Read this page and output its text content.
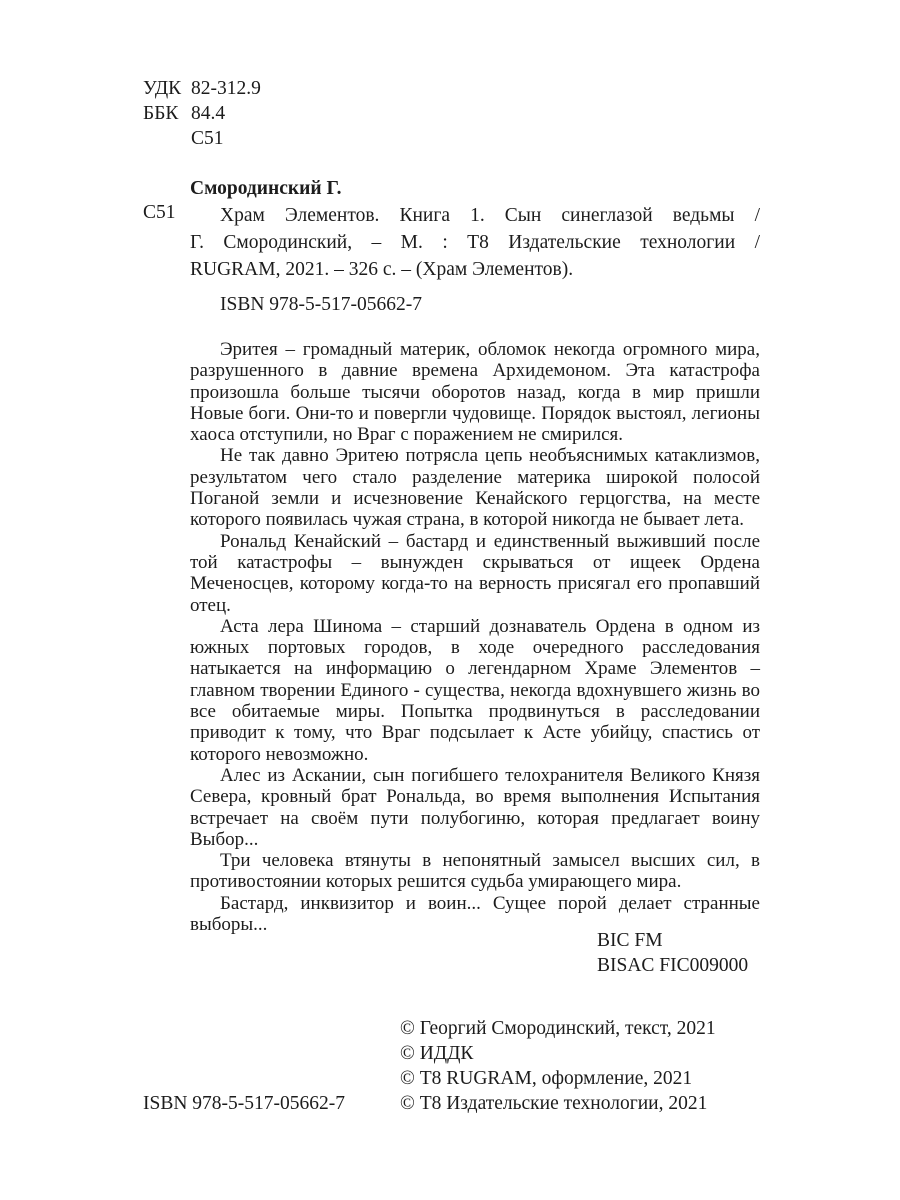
УДК 82-312.9
ББК 84.4
С51
Смородинский Г.
С51	Храм Элементов. Книга 1. Сын синеглазой ведьмы /
Г. Смородинский, – М. : Т8 Издательские технологии /
RUGRAM, 2021. – 326 с. – (Храм Элементов).
ISBN 978-5-517-05662-7

Эритея – громадный материк, обломок некогда огромного мира, разрушенного в давние времена Архидемоном. Эта катастрофа произошла больше тысячи оборотов назад, когда в мир пришли Новые боги. Они-то и повергли чудовище. Порядок выстоял, легионы хаоса отступили, но Враг с поражением не смирился.

Не так давно Эритею потрясла цепь необъяснимых катаклизмов, результатом чего стало разделение материка широкой полосой Поганой земли и исчезновение Кенайского герцогства, на месте которого появилась чужая страна, в которой никогда не бывает лета.

Рональд Кенайский – бастард и единственный выживший после той катастрофы – вынужден скрываться от ищеек Ордена Меченосцев, которому когда-то на верность присягал его пропавший отец.

Аста лера Шинома – старший дознаватель Ордена в одном из южных портовых городов, в ходе очередного расследования натыкается на информацию о легендарном Храме Элементов – главном творении Единого - существа, некогда вдохнувшего жизнь во все обитаемые миры. Попытка продвинуться в расследовании приводит к тому, что Враг подсылает к Асте убийцу, спастись от которого невозможно.

Алес из Аскании, сын погибшего телохранителя Великого Князя Севера, кровный брат Рональда, во время выполнения Испытания встречает на своём пути полубогиню, которая предлагает воину Выбор...

Три человека втянуты в непонятный замысел высших сил, в противостоянии которых решится судьба умирающего мира.

Бастард, инквизитор и воин... Сущее порой делает странные выборы...

BIC FM
BISAC FIC009000
© Георгий Смородинский, текст, 2021
© ИДДК
© Т8 RUGRAM, оформление, 2021
© Т8 Издательские технологии, 2021
ISBN 978-5-517-05662-7
